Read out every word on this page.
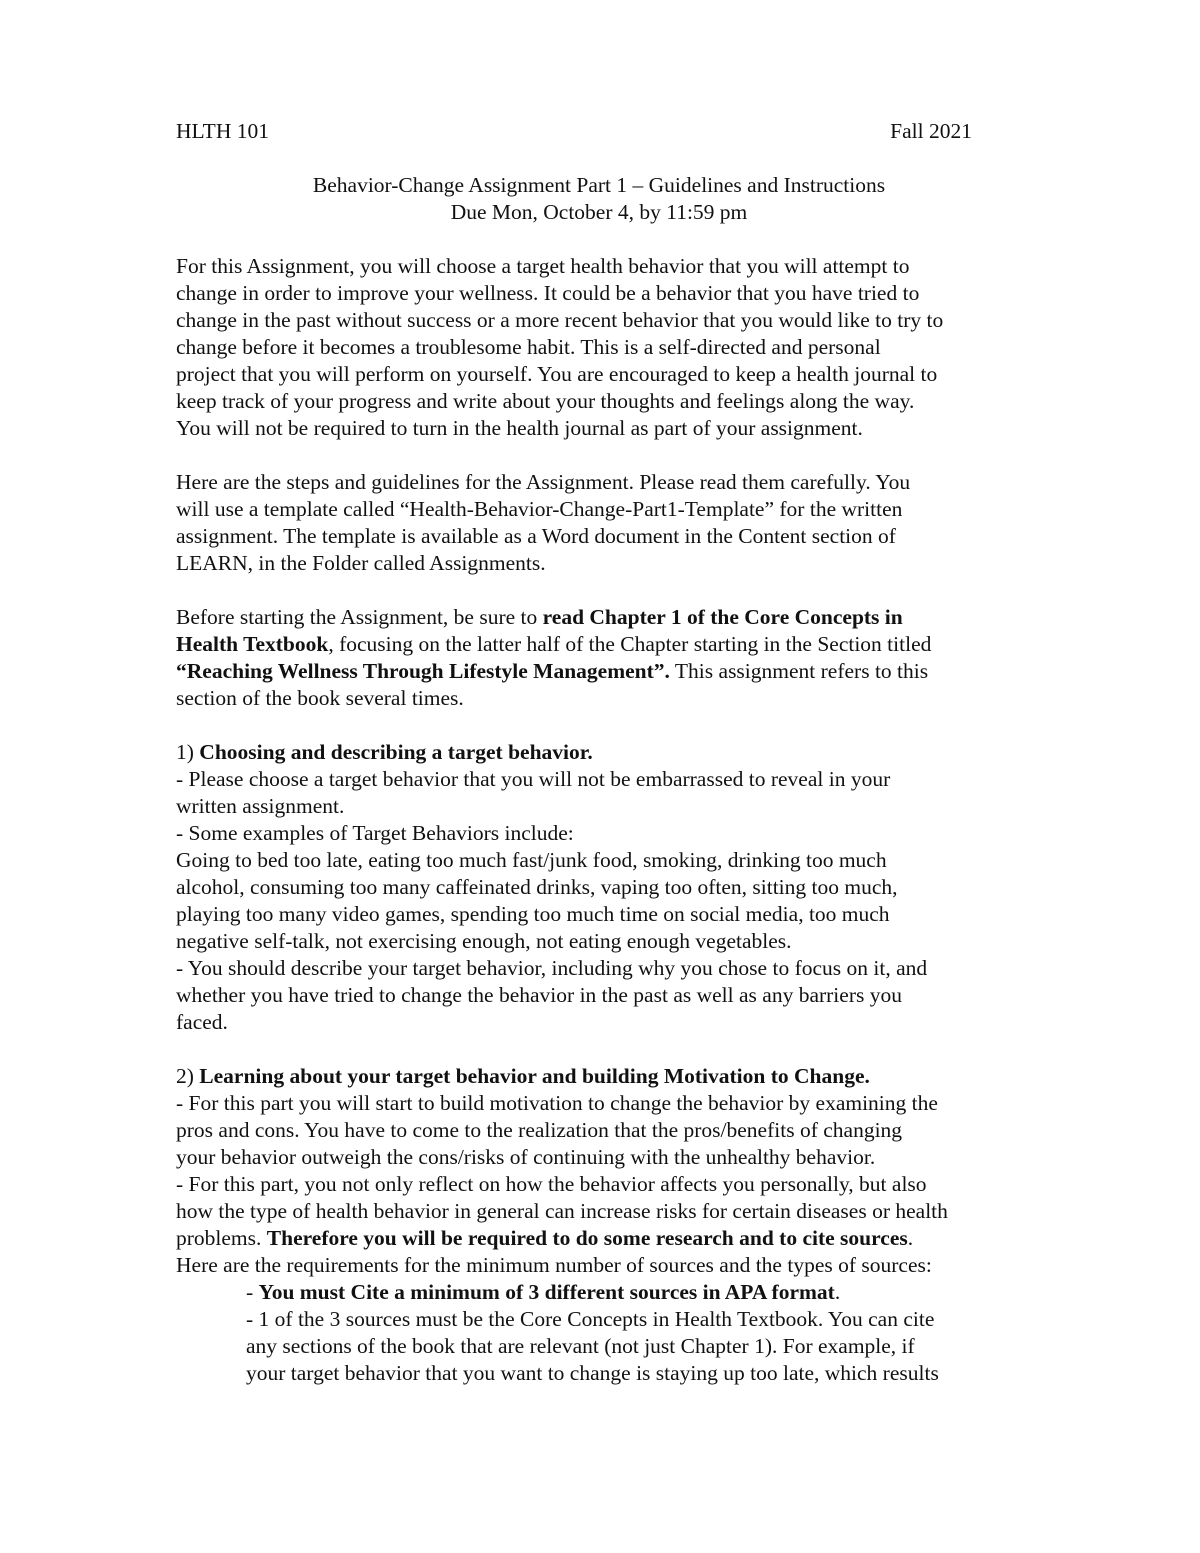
HLTH 101	Fall 2021
Behavior-Change Assignment Part 1 – Guidelines and Instructions
Due Mon, October 4, by 11:59 pm
For this Assignment, you will choose a target health behavior that you will attempt to
change in order to improve your wellness. It could be a behavior that you have tried to
change in the past without success or a more recent behavior that you would like to try to
change before it becomes a troublesome habit. This is a self-directed and personal
project that you will perform on yourself. You are encouraged to keep a health journal to
keep track of your progress and write about your thoughts and feelings along the way.
You will not be required to turn in the health journal as part of your assignment.
Here are the steps and guidelines for the Assignment. Please read them carefully. You
will use a template called “Health-Behavior-Change-Part1-Template” for the written
assignment. The template is available as a Word document in the Content section of
LEARN, in the Folder called Assignments.
Before starting the Assignment, be sure to read Chapter 1 of the Core Concepts in
Health Textbook, focusing on the latter half of the Chapter starting in the Section titled
“Reaching Wellness Through Lifestyle Management”. This assignment refers to this
section of the book several times.
1) Choosing and describing a target behavior.
- Please choose a target behavior that you will not be embarrassed to reveal in your
written assignment.
- Some examples of Target Behaviors include:
Going to bed too late, eating too much fast/junk food, smoking, drinking too much
alcohol, consuming too many caffeinated drinks, vaping too often, sitting too much,
playing too many video games, spending too much time on social media, too much
negative self-talk, not exercising enough, not eating enough vegetables.
- You should describe your target behavior, including why you chose to focus on it, and
whether you have tried to change the behavior in the past as well as any barriers you
faced.
2) Learning about your target behavior and building Motivation to Change.
- For this part you will start to build motivation to change the behavior by examining the
pros and cons. You have to come to the realization that the pros/benefits of changing
your behavior outweigh the cons/risks of continuing with the unhealthy behavior.
- For this part, you not only reflect on how the behavior affects you personally, but also
how the type of health behavior in general can increase risks for certain diseases or health
problems. Therefore you will be required to do some research and to cite sources.
Here are the requirements for the minimum number of sources and the types of sources:
- You must Cite a minimum of 3 different sources in APA format.
- 1 of the 3 sources must be the Core Concepts in Health Textbook. You can cite
any sections of the book that are relevant (not just Chapter 1). For example, if
your target behavior that you want to change is staying up too late, which results
